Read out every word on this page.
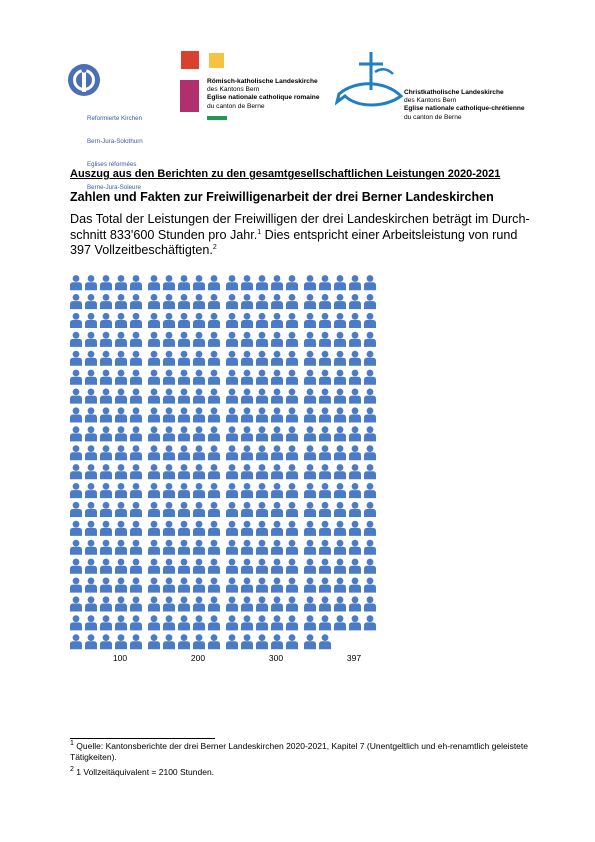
Reformierte Kirchen

Bern-Jura-Solothurn

Eglises réformées

Berne-Jura-Soleure

Römisch-katholische Landeskirche
des Kantons Bern
Eglise nationale catholique romaine
du canton de Berne
Christkatholische Landeskirche
des Kantons Bern
Eglise nationale catholique-chrétienne
du canton de Berne
Auszug aus den Berichten zu den gesamtgesellschaftlichen Leistungen 2020-2021
Zahlen und Fakten zur Freiwilligenarbeit der drei Berner Landeskirchen
Das Total der Leistungen der Freiwilligen der drei Landeskirchen beträgt im Durch-schnitt 833'600 Stunden pro Jahr.$^1$ Dies entspricht einer Arbeitsleistung von rund 397 Vollzeitbeschäftigten.$^2$
100	200	300	397
$^1$ Quelle: Kantonsberichte der drei Berner Landeskirchen 2020-2021, Kapitel 7 (Unentgeltlich und eh-renamtlich geleistete Tätigkeiten).
$^2$ 1 Vollzeitäquivalent = 2100 Stunden.
